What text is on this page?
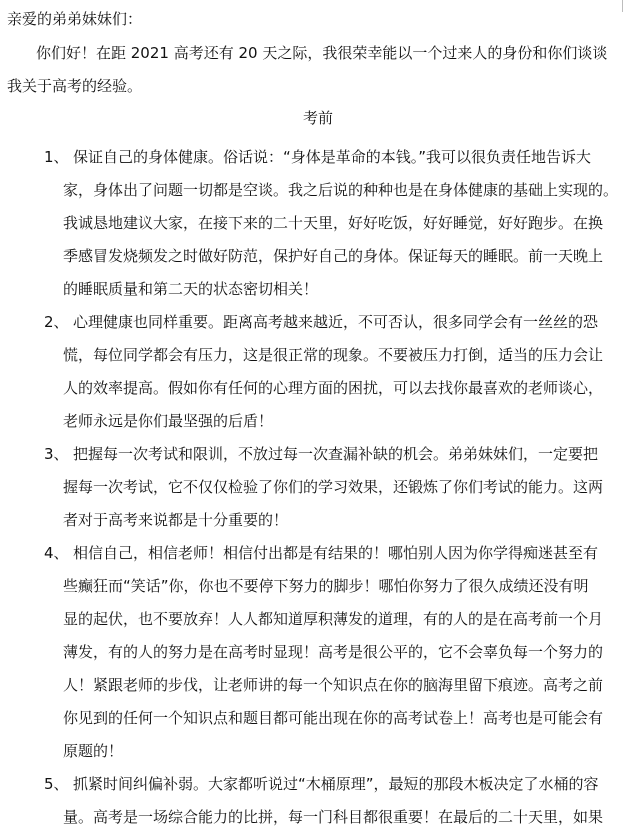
亲爱的弟弟妹妹们：
你们好！在距 2021 高考还有 20 天之际，我很荣幸能以一个过来人的身份和你们谈谈
我关于高考的经验。
考前
1、 保证自己的身体健康。俗话说：“身体是革命的本钱。”我可以很负责任地告诉大
家，身体出了问题一切都是空谈。我之后说的种种也是在身体健康的基础上实现的。
我诚恳地建议大家，在接下来的二十天里，好好吃饭，好好睡觉，好好跑步。在换
季感冒发烧频发之时做好防范，保护好自己的身体。保证每天的睡眠。前一天晚上
的睡眠质量和第二天的状态密切相关！
2、 心理健康也同样重要。距离高考越来越近，不可否认，很多同学会有一丝丝的恐
慌，每位同学都会有压力，这是很正常的现象。不要被压力打倒，适当的压力会让
人的效率提高。假如你有任何的心理方面的困扰，可以去找你最喜欢的老师谈心，
老师永远是你们最坚强的后盾！
3、 把握每一次考试和限训，不放过每一次查漏补缺的机会。弟弟妹妹们，一定要把
握每一次考试，它不仅仅检验了你们的学习效果，还锻炼了你们考试的能力。这两
者对于高考来说都是十分重要的！
4、 相信自己，相信老师！相信付出都是有结果的！哪怕别人因为你学得痴迷甚至有
些癫狂而“笑话”你，你也不要停下努力的脚步！哪怕你努力了很久成绩还没有明
显的起伏，也不要放弃！人人都知道厚积薄发的道理，有的人的是在高考前一个月
薄发，有的人的努力是在高考时显现！高考是很公平的，它不会辜负每一个努力的
人！紧跟老师的步伐，让老师讲的每一个知识点在你的脑海里留下痕迹。高考之前
你见到的任何一个知识点和题目都可能出现在你的高考试卷上！高考也是可能会有
原题的！
5、 抓紧时间纠偏补弱。大家都听说过“木桶原理”，最短的那段木板决定了水桶的容
量。高考是一场综合能力的比拼，每一门科目都很重要！在最后的二十天里，如果
